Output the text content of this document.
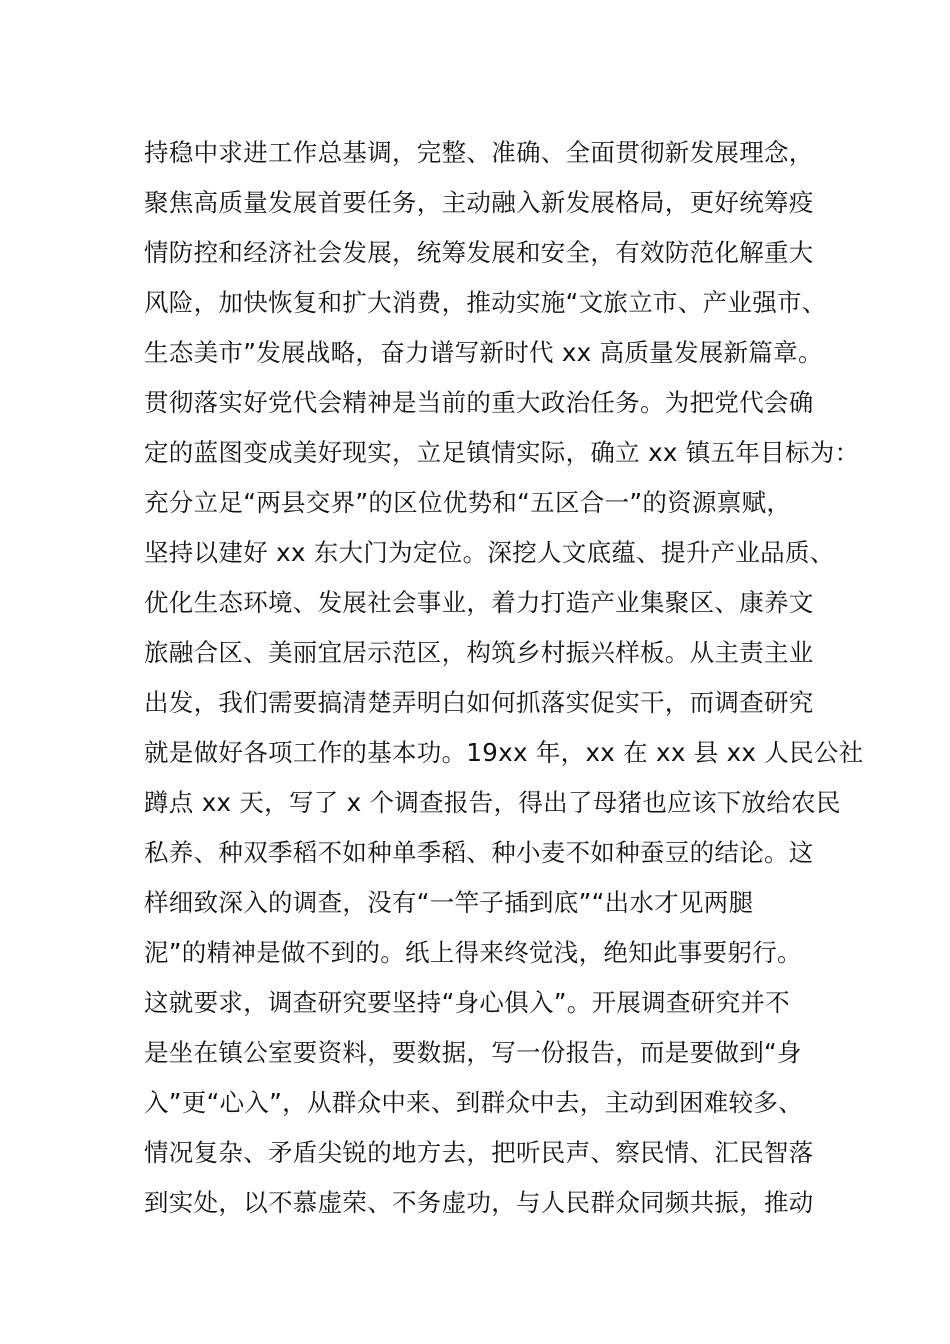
持稳中求进工作总基调，完整、准确、全面贯彻新发展理念，
聚焦高质量发展首要任务，主动融入新发展格局，更好统筹疫
情防控和经济社会发展，统筹发展和安全，有效防范化解重大
风险，加快恢复和扩大消费，推动实施“文旅立市、产业强市、
生态美市”发展战略，奋力谱写新时代 xx 高质量发展新篇章。
贯彻落实好党代会精神是当前的重大政治任务。为把党代会确
定的蓝图变成美好现实，立足镇情实际，确立 xx 镇五年目标为：
充分立足“两县交界”的区位优势和“五区合一”的资源禀赋，
坚持以建好 xx 东大门为定位。深挖人文底蕴、提升产业品质、
优化生态环境、发展社会事业，着力打造产业集聚区、康养文
旅融合区、美丽宜居示范区，构筑乡村振兴样板。从主责主业
出发，我们需要搞清楚弄明白如何抓落实促实干，而调查研究
就是做好各项工作的基本功。19xx 年，xx 在 xx 县 xx 人民公社
蹲点 xx 天，写了 x 个调查报告，得出了母猪也应该下放给农民
私养、种双季稻不如种单季稻、种小麦不如种蚕豆的结论。这
样细致深入的调查，没有“一竿子插到底”“出水才见两腿
泥”的精神是做不到的。纸上得来终觉浅，绝知此事要躬行。
这就要求，调查研究要坚持“身心俱入”。开展调查研究并不
是坐在镇公室要资料，要数据，写一份报告，而是要做到“身
入”更“心入”，从群众中来、到群众中去，主动到困难较多、
情况复杂、矛盾尖锐的地方去，把听民声、察民情、汇民智落
到实处，以不慕虚荣、不务虚功，与人民群众同频共振，推动
